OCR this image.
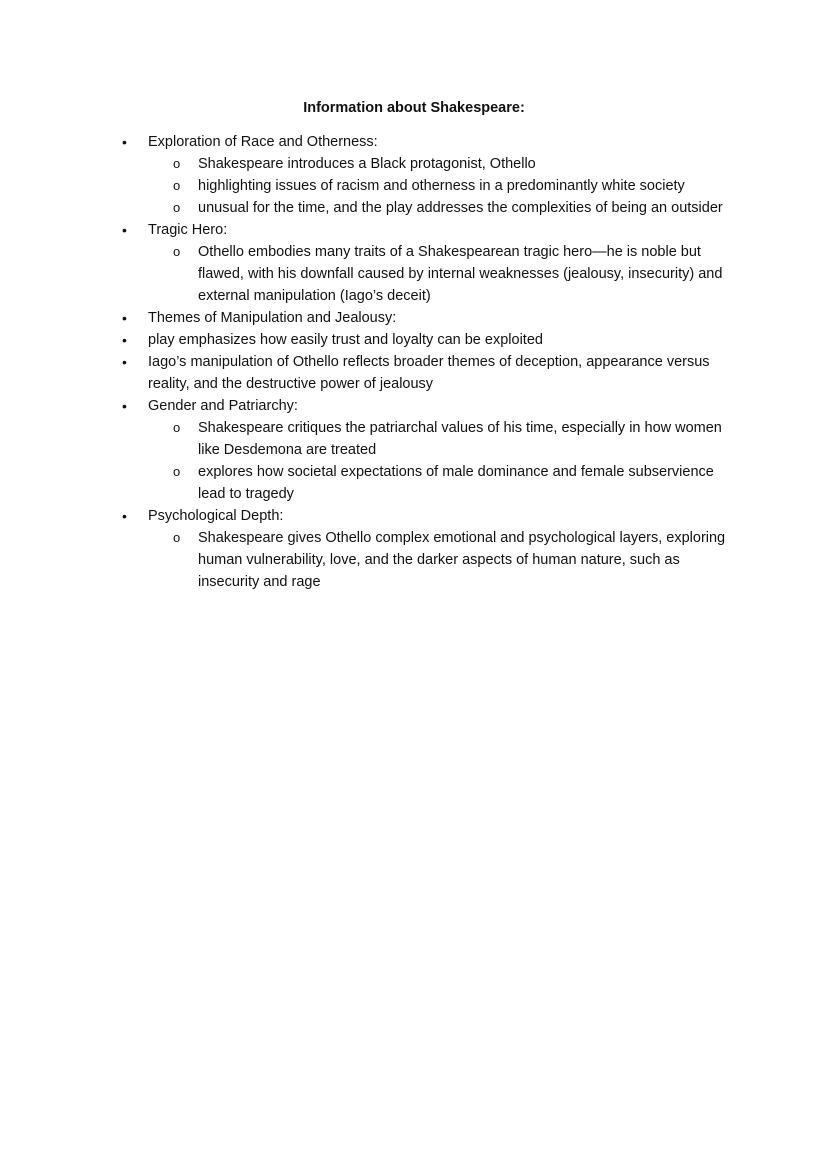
Information about Shakespeare:
•	Exploration of Race and Otherness:
o	Shakespeare introduces a Black protagonist, Othello
o	highlighting issues of racism and otherness in a predominantly white society
o	unusual for the time, and the play addresses the complexities of being an outsider
•	Tragic Hero:
o	Othello embodies many traits of a Shakespearean tragic hero—he is noble but flawed, with his downfall caused by internal weaknesses (jealousy, insecurity) and external manipulation (Iago’s deceit)
•	Themes of Manipulation and Jealousy:
•	play emphasizes how easily trust and loyalty can be exploited
•	Iago’s manipulation of Othello reflects broader themes of deception, appearance versus reality, and the destructive power of jealousy
•	Gender and Patriarchy:
o	Shakespeare critiques the patriarchal values of his time, especially in how women like Desdemona are treated
o	explores how societal expectations of male dominance and female subservience lead to tragedy
•	Psychological Depth:
o	Shakespeare gives Othello complex emotional and psychological layers, exploring human vulnerability, love, and the darker aspects of human nature, such as insecurity and rage
